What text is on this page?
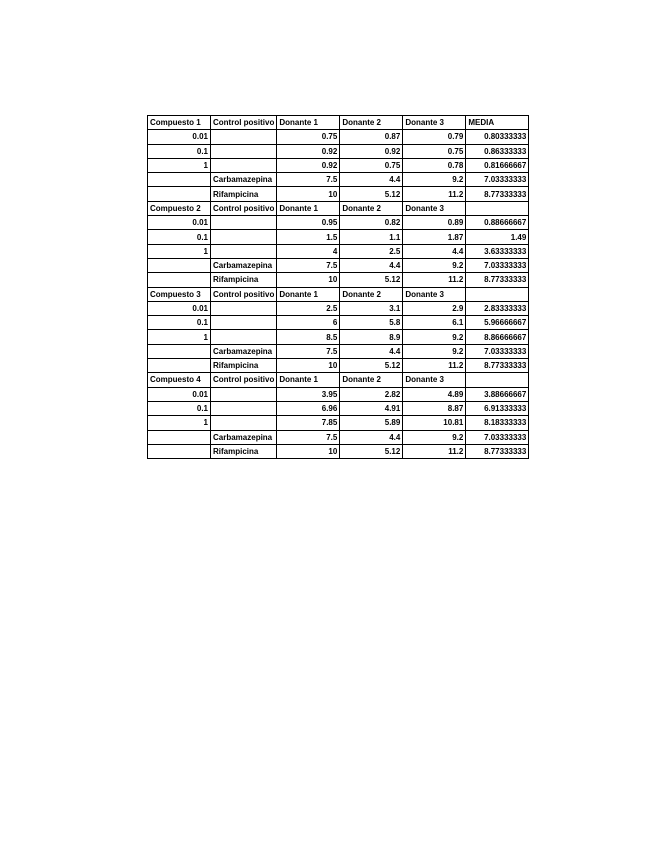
Compuesto 1	Control positivo	Donante 1	Donante 2	Donante 3	MEDIA
0.01		0.75	0.87	0.79	0.80333333
0.1		0.92	0.92	0.75	0.86333333
1		0.92	0.75	0.78	0.81666667
	Carbamazepina	7.5	4.4	9.2	7.03333333
	Rifampicina	10	5.12	11.2	8.77333333
Compuesto 2	Control positivo	Donante 1	Donante 2	Donante 3	
0.01		0.95	0.82	0.89	0.88666667
0.1		1.5	1.1	1.87	1.49
1		4	2.5	4.4	3.63333333
	Carbamazepina	7.5	4.4	9.2	7.03333333
	Rifampicina	10	5.12	11.2	8.77333333
Compuesto 3	Control positivo	Donante 1	Donante 2	Donante 3	
0.01		2.5	3.1	2.9	2.83333333
0.1		6	5.8	6.1	5.96666667
1		8.5	8.9	9.2	8.86666667
	Carbamazepina	7.5	4.4	9.2	7.03333333
	Rifampicina	10	5.12	11.2	8.77333333
Compuesto 4	Control positivo	Donante 1	Donante 2	Donante 3	
0.01		3.95	2.82	4.89	3.88666667
0.1		6.96	4.91	8.87	6.91333333
1		7.85	5.89	10.81	8.18333333
	Carbamazepina	7.5	4.4	9.2	7.03333333
	Rifampicina	10	5.12	11.2	8.77333333
